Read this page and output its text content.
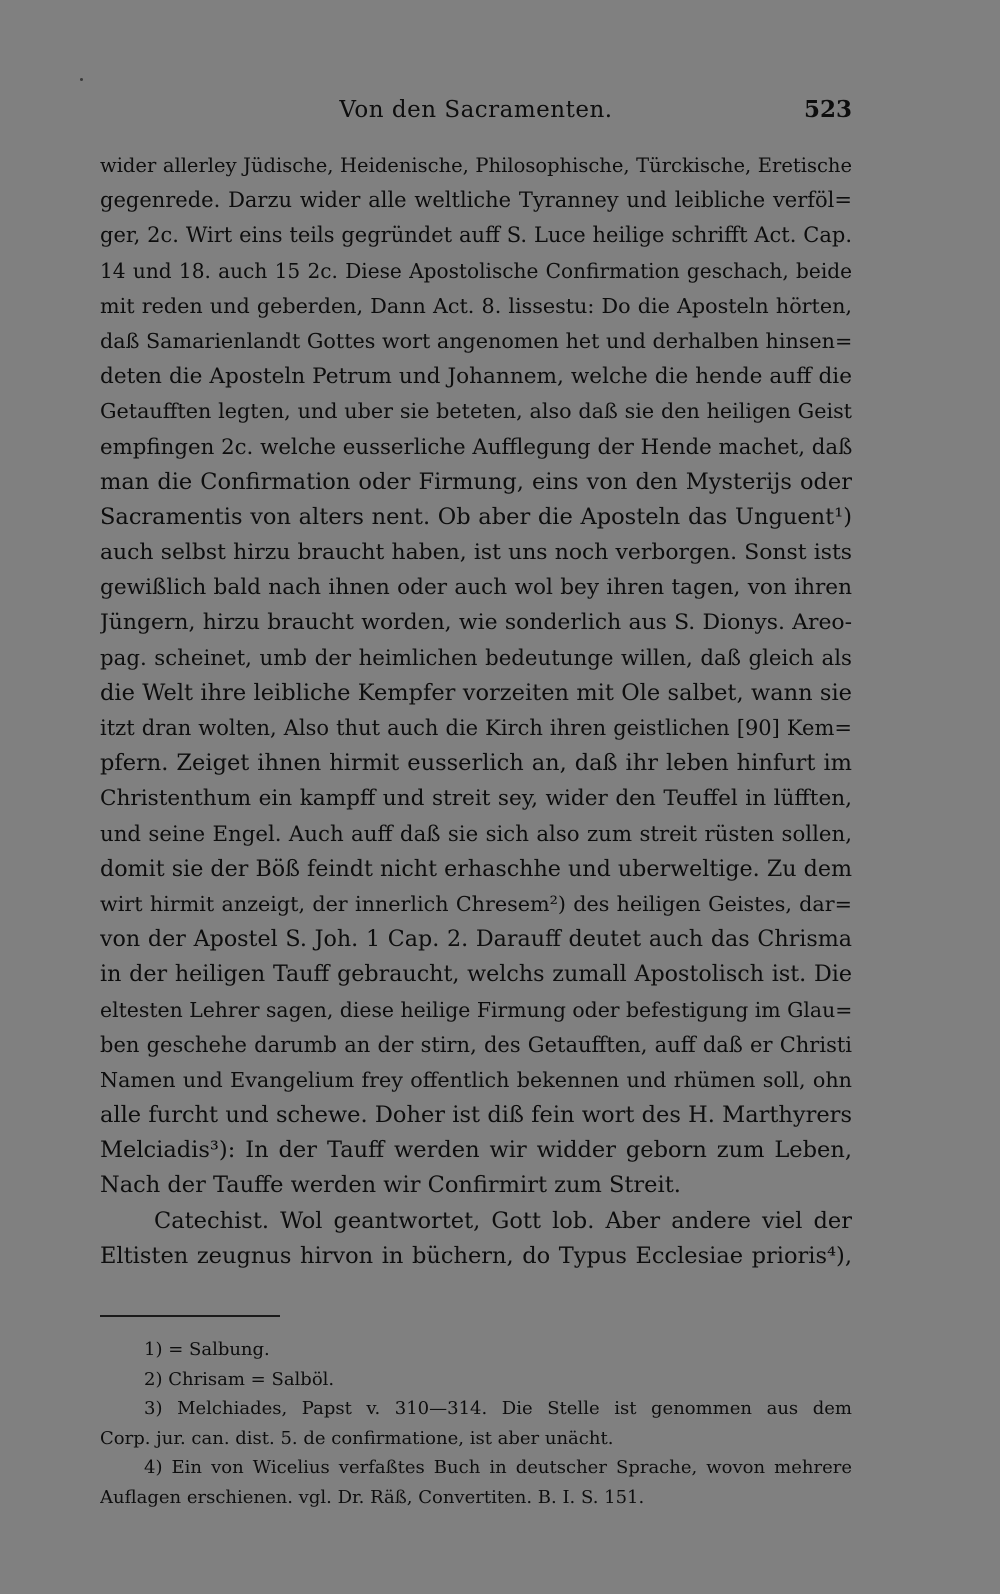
Von den Sacramenten.	523
wider allerley Jüdische, Heidenische, Philosophische, Türckische, Eretische
gegenrede. Darzu wider alle weltliche Tyranney und leibliche verföl=
ger, 2c. Wirt eins teils gegründet auff S. Luce heilige schrifft Act. Cap.
14 und 18. auch 15 2c. Diese Apostolische Confirmation geschach, beide
mit reden und geberden, Dann Act. 8. lissestu: Do die Aposteln hörten,
daß Samarienlandt Gottes wort angenomen het und derhalben hinsen=
deten die Aposteln Petrum und Johannem, welche die hende auff die
Getaufften legten, und uber sie beteten, also daß sie den heiligen Geist
empfingen 2c. welche eusserliche Aufflegung der Hende machet, daß
man die Confirmation oder Firmung, eins von den Mysterijs oder
Sacramentis von alters nent. Ob aber die Aposteln das Unguent¹)
auch selbst hirzu braucht haben, ist uns noch verborgen. Sonst ists
gewißlich bald nach ihnen oder auch wol bey ihren tagen, von ihren
Jüngern, hirzu braucht worden, wie sonderlich aus S. Dionys. Areo-
pag. scheinet, umb der heimlichen bedeutunge willen, daß gleich als
die Welt ihre leibliche Kempfer vorzeiten mit Ole salbet, wann sie
itzt dran wolten, Also thut auch die Kirch ihren geistlichen [90] Kem=
pfern. Zeiget ihnen hirmit eusserlich an, daß ihr leben hinfurt im
Christenthum ein kampff und streit sey, wider den Teuffel in lüfften,
und seine Engel. Auch auff daß sie sich also zum streit rüsten sollen,
domit sie der Böß feindt nicht erhaschhe und uberweltige. Zu dem
wirt hirmit anzeigt, der innerlich Chresem²) des heiligen Geistes, dar=
von der Apostel S. Joh. 1 Cap. 2. Darauff deutet auch das Chrisma
in der heiligen Tauff gebraucht, welchs zumall Apostolisch ist. Die
eltesten Lehrer sagen, diese heilige Firmung oder befestigung im Glau=
ben geschehe darumb an der stirn, des Getaufften, auff daß er Christi
Namen und Evangelium frey offentlich bekennen und rhümen soll, ohn
alle furcht und schewe. Doher ist diß fein wort des H. Marthyrers
Melciadis³): In der Tauff werden wir widder geborn zum Leben,
Nach der Tauffe werden wir Confirmirt zum Streit.
Catechist. Wol geantwortet, Gott lob. Aber andere viel der
Eltisten zeugnus hirvon in büchern, do Typus Ecclesiae prioris⁴),
1) = Salbung.
2) Chrisam = Salböl.
3) Melchiades, Papst v. 310—314. Die Stelle ist genommen aus dem
Corp. jur. can. dist. 5. de confirmatione, ist aber unächt.
4) Ein von Wicelius verfaßtes Buch in deutscher Sprache, wovon mehrere
Auflagen erschienen. vgl. Dr. Räß, Convertiten. B. I. S. 151.
